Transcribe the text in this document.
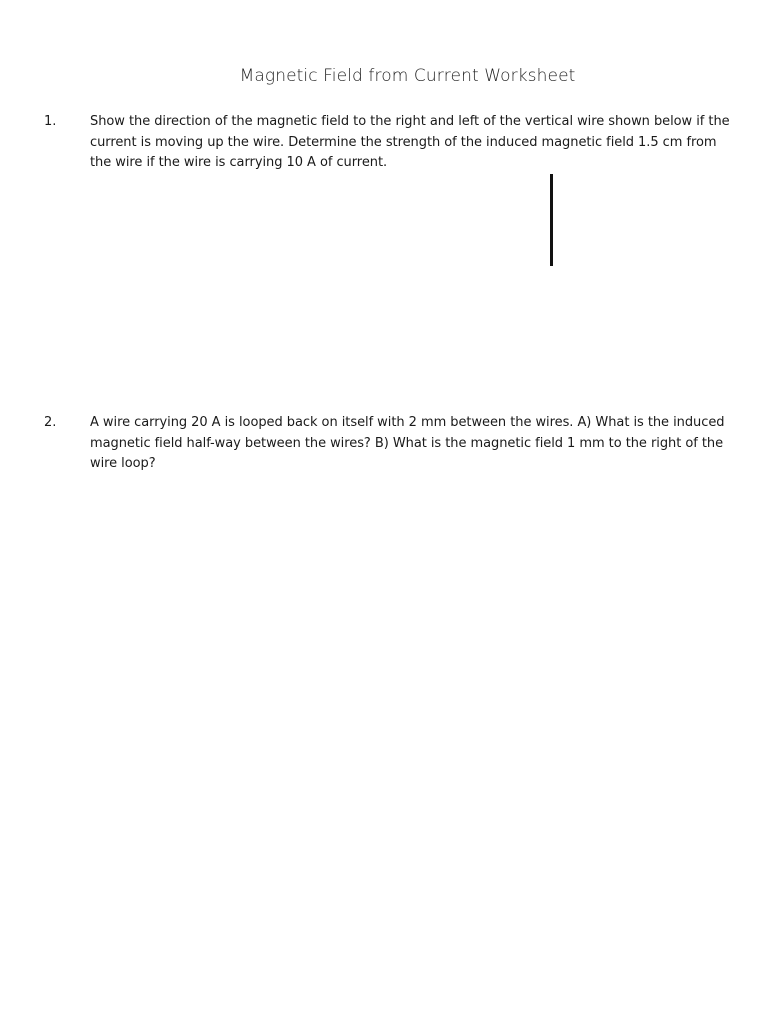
Magnetic Field from Current Worksheet
1.	Show the direction of the magnetic field to the right and left of the vertical wire shown below if the current is moving up the wire. Determine the strength of the induced magnetic field 1.5 cm from the wire if the wire is carrying 10 A of current.
2.	A wire carrying 20 A is looped back on itself with 2 mm between the wires. A) What is the induced magnetic field half-way between the wires? B) What is the magnetic field 1 mm to the right of the wire loop?
